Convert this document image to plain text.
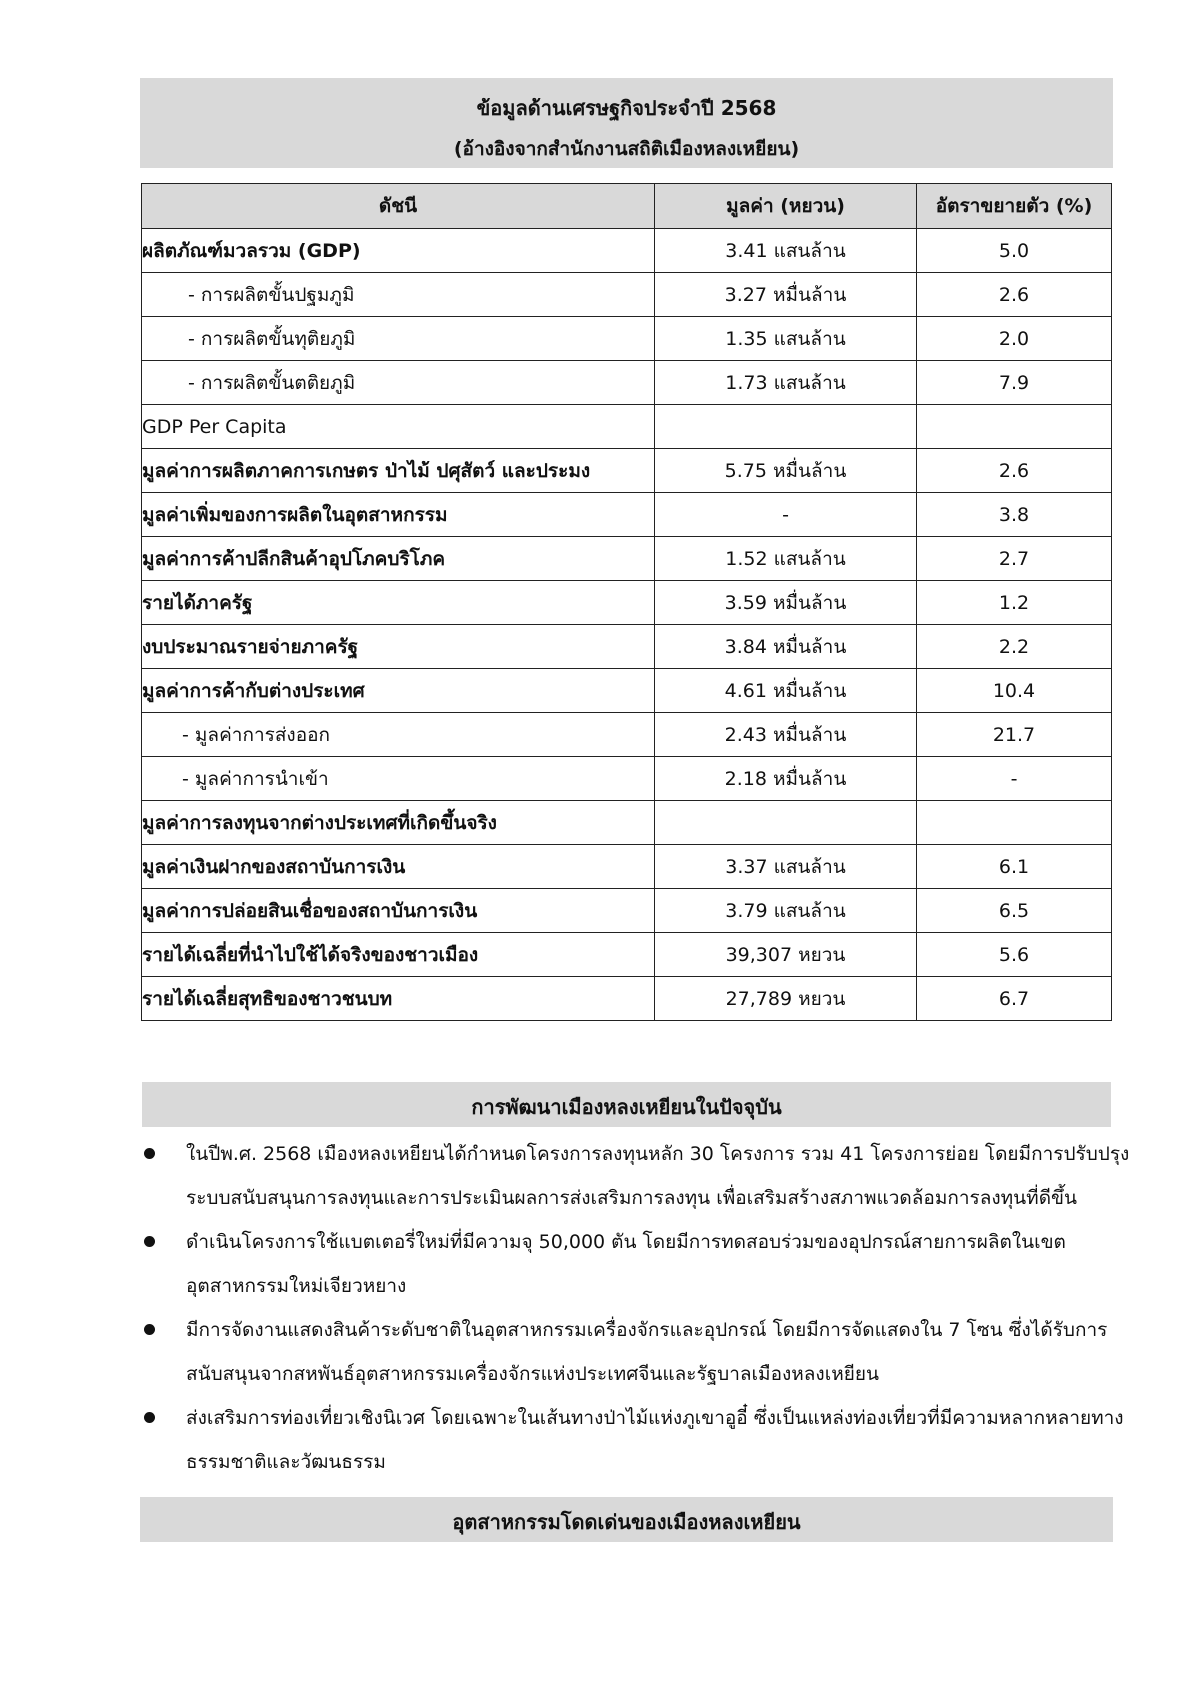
ข้อมูลด้านเศรษฐกิจประจำปี 2568
(อ้างอิงจากสำนักงานสถิติเมืองหลงเหยียน)
ดัชนี	มูลค่า (หยวน)	อัตราขยายตัว (%)
ผลิตภัณฑ์มวลรวม (GDP)	3.41 แสนล้าน	5.0
- การผลิตขั้นปฐมภูมิ	3.27 หมื่นล้าน	2.6
- การผลิตขั้นทุติยภูมิ	1.35 แสนล้าน	2.0
- การผลิตขั้นตติยภูมิ	1.73 แสนล้าน	7.9
GDP Per Capita		
มูลค่าการผลิตภาคการเกษตร ป่าไม้ ปศุสัตว์ และประมง	5.75 หมื่นล้าน	2.6
มูลค่าเพิ่มของการผลิตในอุตสาหกรรม	-	3.8
มูลค่าการค้าปลีกสินค้าอุปโภคบริโภค	1.52 แสนล้าน	2.7
รายได้ภาครัฐ	3.59 หมื่นล้าน	1.2
งบประมาณรายจ่ายภาครัฐ	3.84 หมื่นล้าน	2.2
มูลค่าการค้ากับต่างประเทศ	4.61 หมื่นล้าน	10.4
- มูลค่าการส่งออก	2.43 หมื่นล้าน	21.7
- มูลค่าการนำเข้า	2.18 หมื่นล้าน	-
มูลค่าการลงทุนจากต่างประเทศที่เกิดขึ้นจริง		
มูลค่าเงินฝากของสถาบันการเงิน	3.37 แสนล้าน	6.1
มูลค่าการปล่อยสินเชื่อของสถาบันการเงิน	3.79 แสนล้าน	6.5
รายได้เฉลี่ยที่นำไปใช้ได้จริงของชาวเมือง	39,307 หยวน	5.6
รายได้เฉลี่ยสุทธิของชาวชนบท	27,789 หยวน	6.7
การพัฒนาเมืองหลงเหยียนในปัจจุบัน
ในปีพ.ศ. 2568 เมืองหลงเหยียนได้กำหนดโครงการลงทุนหลัก 30 โครงการ รวม 41 โครงการย่อย โดยมีการปรับปรุงระบบสนับสนุนการลงทุนและการประเมินผลการส่งเสริมการลงทุน เพื่อเสริมสร้างสภาพแวดล้อมการลงทุนที่ดีขึ้น
ดำเนินโครงการใช้แบตเตอรี่ใหม่ที่มีความจุ 50,000 ตัน โดยมีการทดสอบร่วมของอุปกรณ์สายการผลิตในเขตอุตสาหกรรมใหม่เจียวหยาง
มีการจัดงานแสดงสินค้าระดับชาติในอุตสาหกรรมเครื่องจักรและอุปกรณ์ โดยมีการจัดแสดงใน 7 โซน ซึ่งได้รับการสนับสนุนจากสหพันธ์อุตสาหกรรมเครื่องจักรแห่งประเทศจีนและรัฐบาลเมืองหลงเหยียน
ส่งเสริมการท่องเที่ยวเชิงนิเวศ โดยเฉพาะในเส้นทางป่าไม้แห่งภูเขาอูอี๋ ซึ่งเป็นแหล่งท่องเที่ยวที่มีความหลากหลายทางธรรมชาติและวัฒนธรรม
อุตสาหกรรมโดดเด่นของเมืองหลงเหยียน
